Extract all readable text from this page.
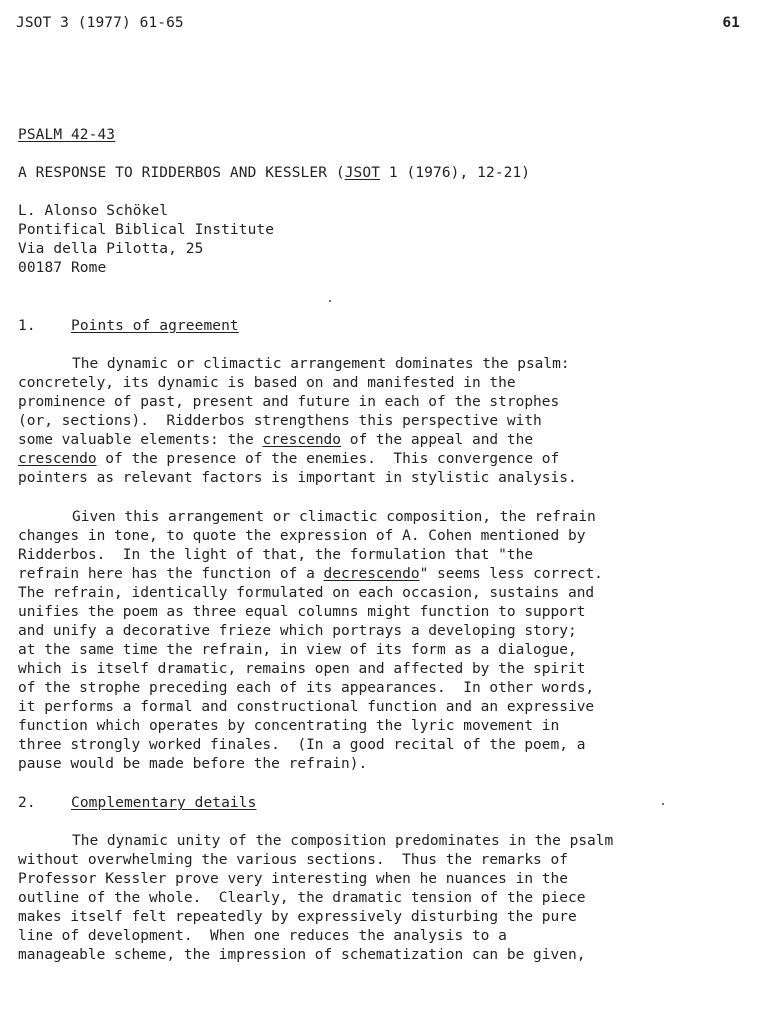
JSOT 3 (1977) 61-65	61
PSALM 42-43
A RESPONSE TO RIDDERBOS AND KESSLER (JSOT 1 (1976), 12-21)
L. Alonso Schökel
Pontifical Biblical Institute
Via della Pilotta, 25
00187 Rome
1. Points of agreement
The dynamic or climactic arrangement dominates the psalm:
concretely, its dynamic is based on and manifested in the
prominence of past, present and future in each of the strophes
(or, sections).  Ridderbos strengthens this perspective with
some valuable elements: the crescendo of the appeal and the
crescendo of the presence of the enemies.  This convergence of
pointers as relevant factors is important in stylistic analysis.
Given this arrangement or climactic composition, the refrain
changes in tone, to quote the expression of A. Cohen mentioned by
Ridderbos.  In the light of that, the formulation that "the
refrain here has the function of a decrescendo" seems less correct.
The refrain, identically formulated on each occasion, sustains and
unifies the poem as three equal columns might function to support
and unify a decorative frieze which portrays a developing story;
at the same time the refrain, in view of its form as a dialogue,
which is itself dramatic, remains open and affected by the spirit
of the strophe preceding each of its appearances.  In other words,
it performs a formal and constructional function and an expressive
function which operates by concentrating the lyric movement in
three strongly worked finales.  (In a good recital of the poem, a
pause would be made before the refrain).
2. Complementary details
The dynamic unity of the composition predominates in the psalm
without overwhelming the various sections.  Thus the remarks of
Professor Kessler prove very interesting when he nuances in the
outline of the whole.  Clearly, the dramatic tension of the piece
makes itself felt repeatedly by expressively disturbing the pure
line of development.  When one reduces the analysis to a
manageable scheme, the impression of schematization can be given,
